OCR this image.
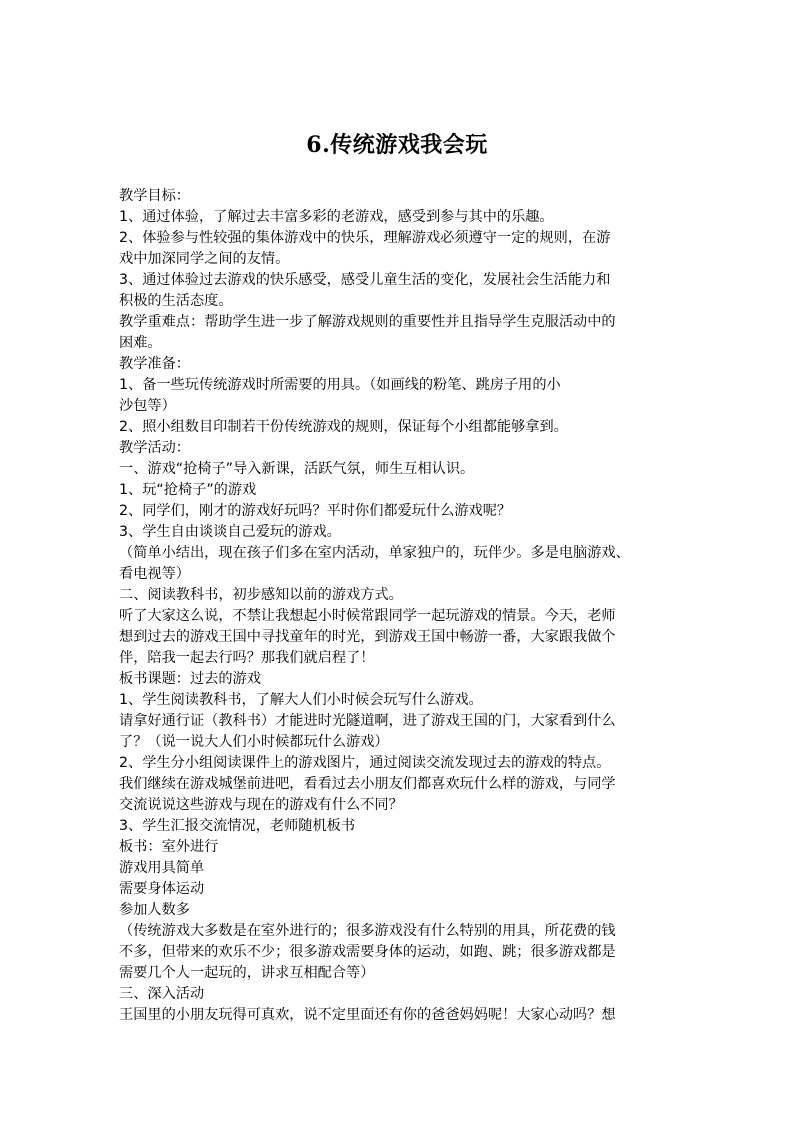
6.传统游戏我会玩
教学目标：
1、通过体验，了解过去丰富多彩的老游戏，感受到参与其中的乐趣。
2、体验参与性较强的集体游戏中的快乐，理解游戏必须遵守一定的规则，在游
戏中加深同学之间的友情。
3、通过体验过去游戏的快乐感受，感受儿童生活的变化，发展社会生活能力和
积极的生活态度。
教学重难点：帮助学生进一步了解游戏规则的重要性并且指导学生克服活动中的
困难。
教学准备：
1、备一些玩传统游戏时所需要的用具。（如画线的粉笔、跳房子用的小
沙包等）
2、照小组数目印制若干份传统游戏的规则，保证每个小组都能够拿到。
教学活动：
一、游戏“抢椅子”导入新课，活跃气氛，师生互相认识。
1、玩“抢椅子”的游戏
2、同学们，刚才的游戏好玩吗？平时你们都爱玩什么游戏呢？
3、学生自由谈谈自己爱玩的游戏。
（简单小结出，现在孩子们多在室内活动，单家独户的，玩伴少。多是电脑游戏、
看电视等）
二、阅读教科书，初步感知以前的游戏方式。
听了大家这么说，不禁让我想起小时候常跟同学一起玩游戏的情景。今天，老师
想到过去的游戏王国中寻找童年的时光，到游戏王国中畅游一番，大家跟我做个
伴，陪我一起去行吗？那我们就启程了！
板书课题：过去的游戏
1、学生阅读教科书，了解大人们小时候会玩写什么游戏。
请拿好通行证（教科书）才能进时光隧道啊，进了游戏王国的门，大家看到什么
了？（说一说大人们小时候都玩什么游戏）
2、学生分小组阅读课件上的游戏图片，通过阅读交流发现过去的游戏的特点。
我们继续在游戏城堡前进吧，看看过去小朋友们都喜欢玩什么样的游戏，与同学
交流说说这些游戏与现在的游戏有什么不同？
3、学生汇报交流情况，老师随机板书
板书：室外进行
游戏用具简单
需要身体运动
参加人数多
（传统游戏大多数是在室外进行的；很多游戏没有什么特别的用具，所花费的钱
不多，但带来的欢乐不少；很多游戏需要身体的运动，如跑、跳；很多游戏都是
需要几个人一起玩的，讲求互相配合等）
三、深入活动
王国里的小朋友玩得可真欢，说不定里面还有你的爸爸妈妈呢！大家心动吗？想
